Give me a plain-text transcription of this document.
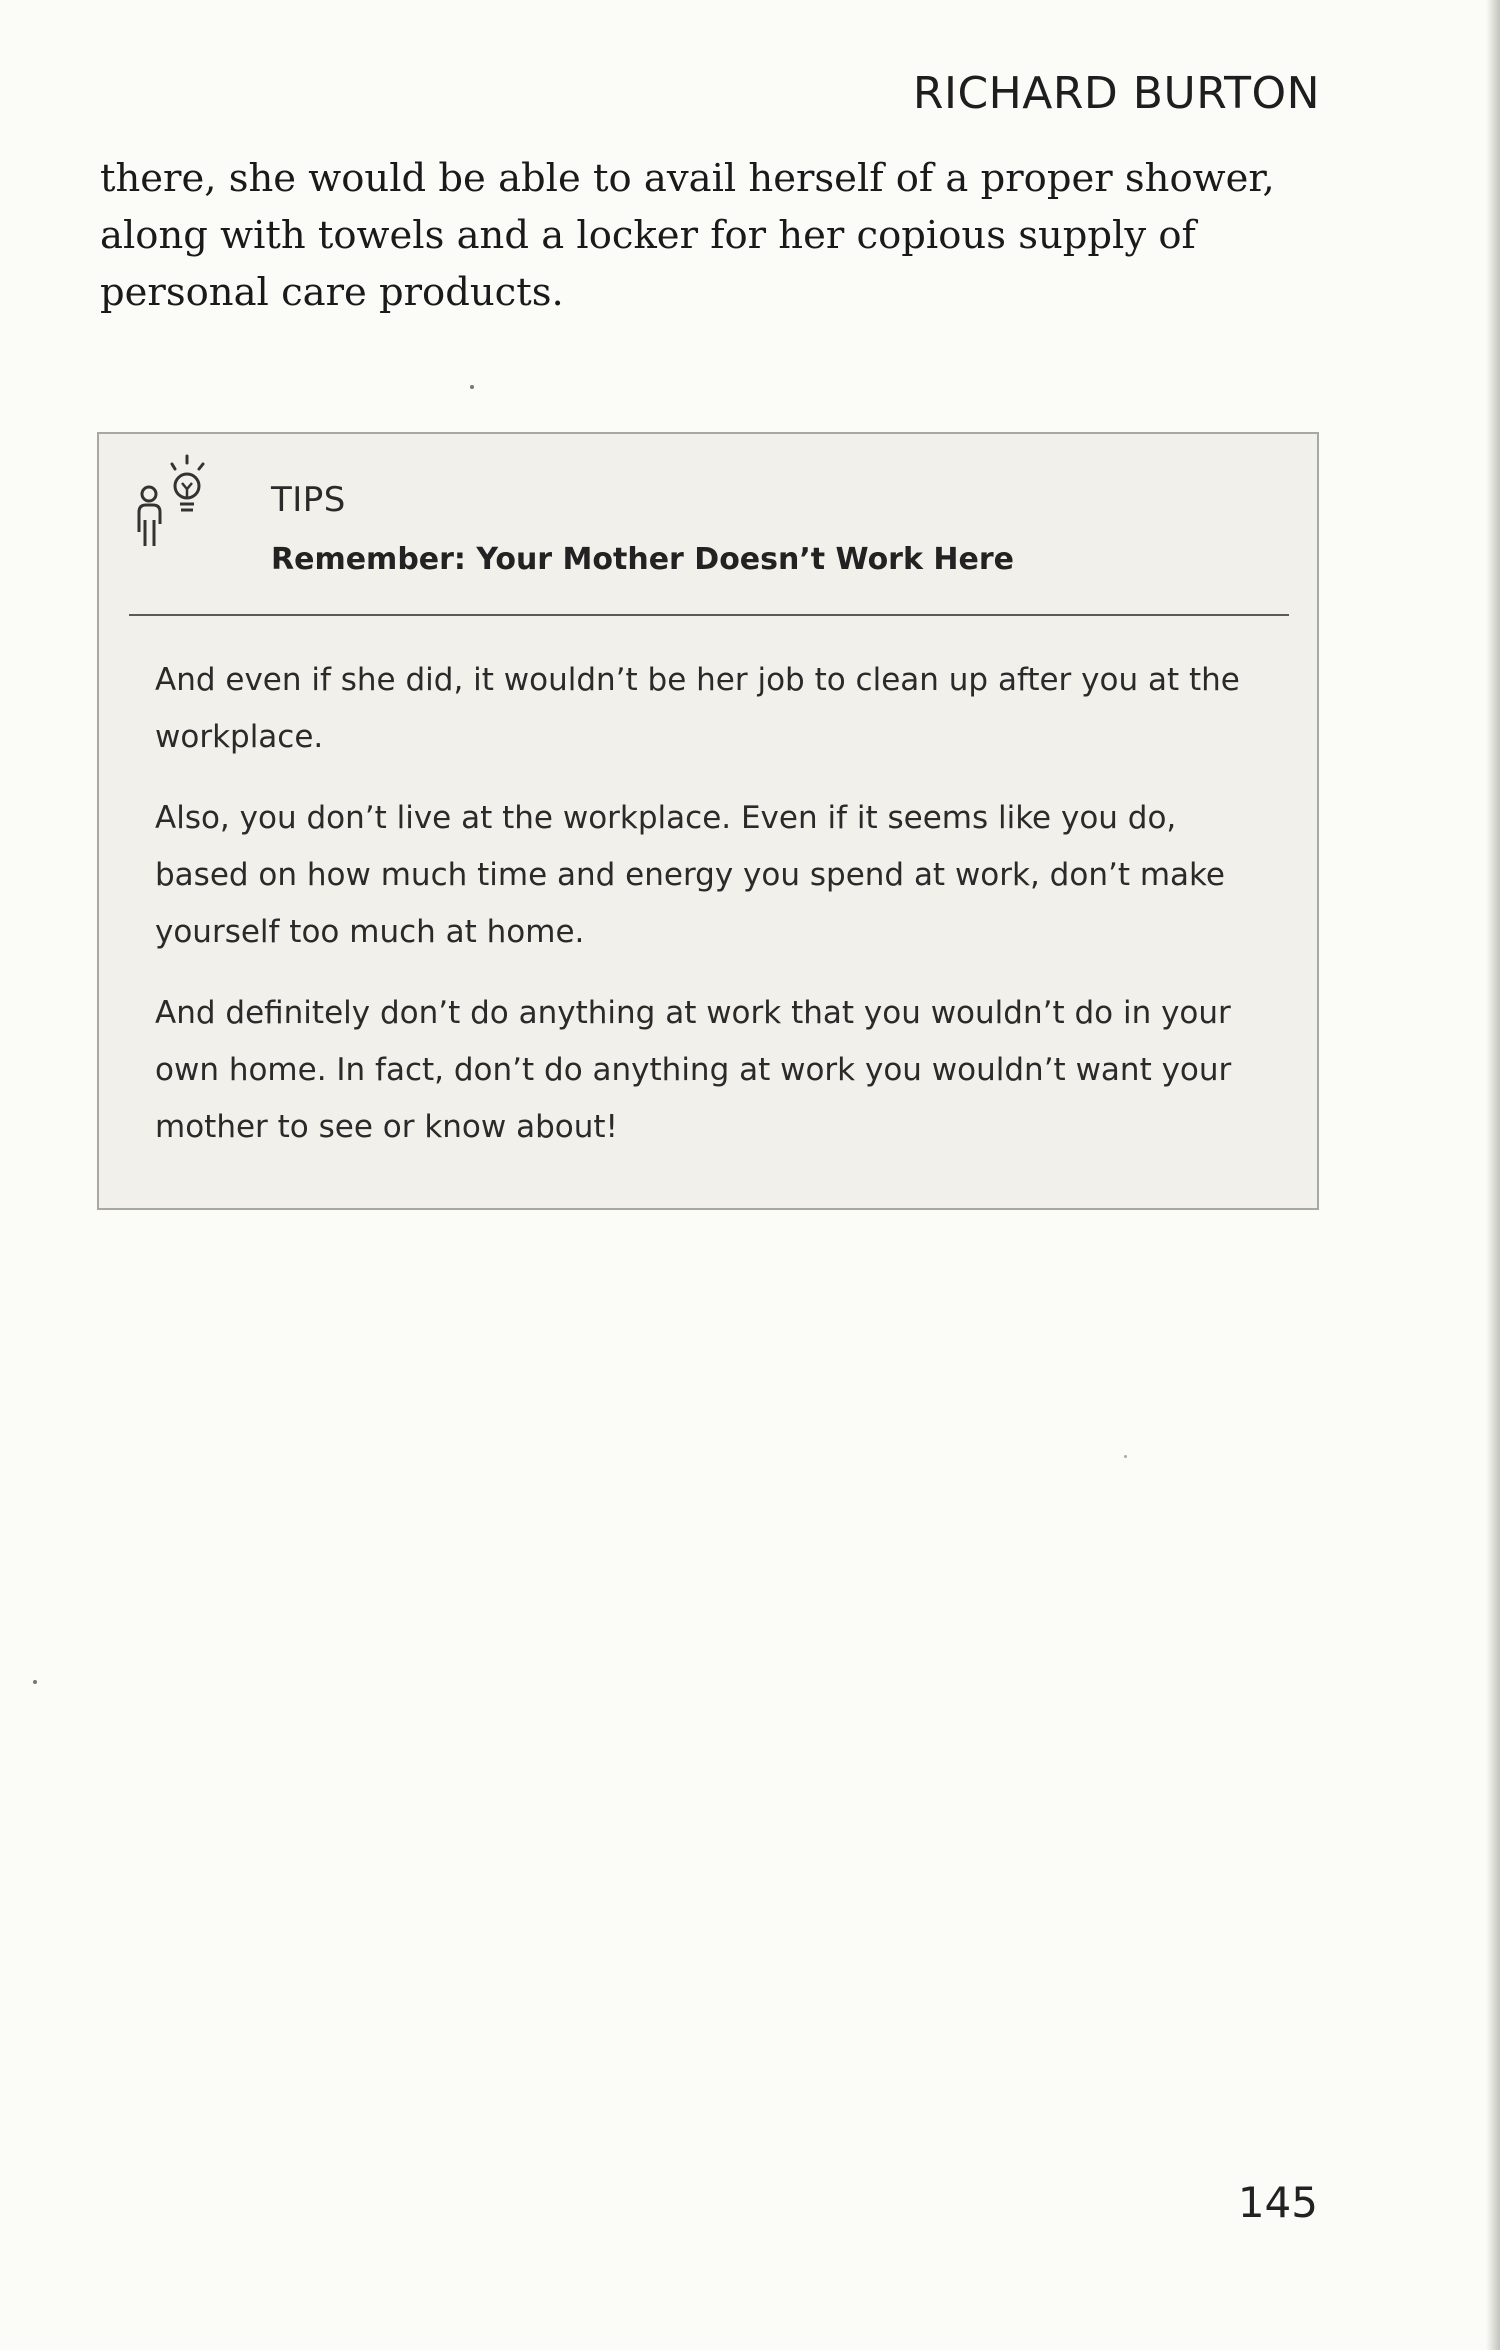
RICHARD BURTON

there, she would be able to avail herself of a proper shower, along with towels and a locker for her copious supply of personal care products.

TIPS

Remember: Your Mother Doesn’t Work Here

And even if she did, it wouldn’t be her job to clean up after you at the workplace.

Also, you don’t live at the workplace. Even if it seems like you do, based on how much time and energy you spend at work, don’t make yourself too much at home.

And definitely don’t do anything at work that you wouldn’t do in your own home. In fact, don’t do anything at work you wouldn’t want your mother to see or know about!

145
